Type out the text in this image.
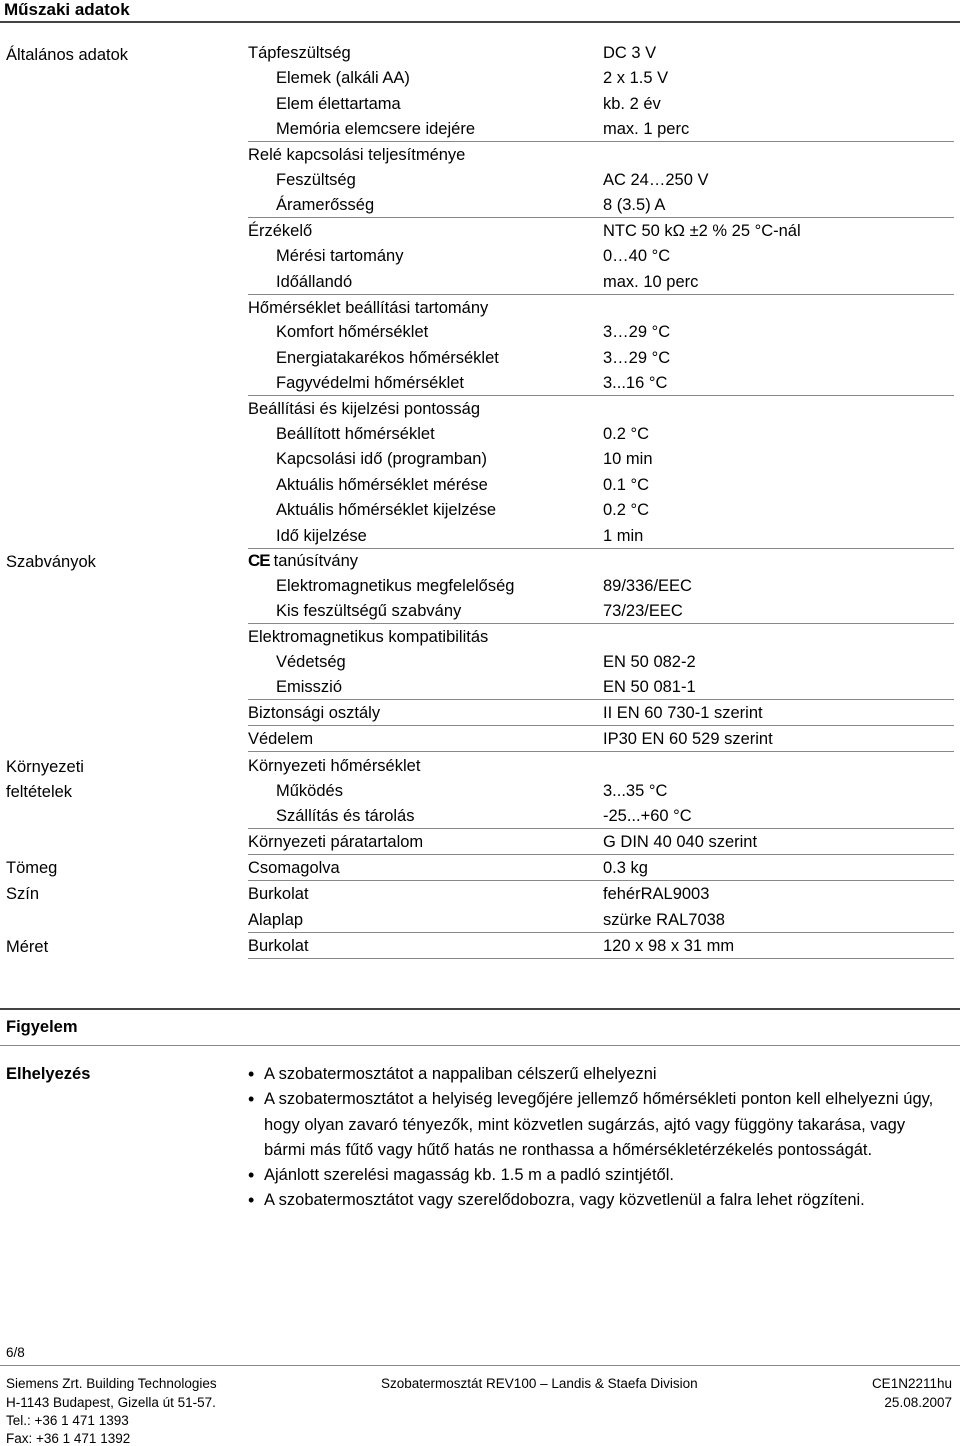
Műszaki adatok
Általános adatok
Szabványok
Környezeti
feltételek
Tömeg
Szín
Méret
Tápfeszültség	DC 3 V
Elemek (alkáli AA)	2 x 1.5 V
Elem élettartama	kb. 2 év
Memória elemcsere idejére	max. 1 perc
Relé kapcsolási teljesítménye
Feszültség	AC 24…250 V
Áramerősség	8 (3.5) A
Érzékelő	NTC 50 kΩ ±2 % 25 °C-nál
Mérési tartomány	0…40 °C
Időállandó	max. 10 perc
Hőmérséklet beállítási tartomány
Komfort hőmérséklet	3…29 °C
Energiatakarékos hőmérséklet	3…29 °C
Fagyvédelmi hőmérséklet	3...16 °C
Beállítási és kijelzési pontosság
Beállított hőmérséklet	0.2 °C
Kapcsolási idő (programban)	10 min
Aktuális hőmérséklet mérése	0.1 °C
Aktuális hőmérséklet kijelzése	0.2 °C
Idő kijelzése	1 min
CE tanúsítvány
Elektromagnetikus megfelelőség	89/336/EEC
Kis feszültségű szabvány	73/23/EEC
Elektromagnetikus kompatibilitás
Védetség	EN 50 082-2
Emisszió	EN 50 081-1
Biztonsági osztály	II EN 60 730-1 szerint
Védelem	IP30 EN 60 529 szerint
Környezeti hőmérséklet
Működés	3...35 °C
Szállítás és tárolás	-25...+60 °C
Környezeti páratartalom	G DIN 40 040 szerint
Csomagolva	0.3 kg
Burkolat	fehérRAL9003
Alaplap	szürke RAL7038
Burkolat	120 x 98 x 31 mm
Figyelem
Elhelyezés
•	A szobatermosztátot a nappaliban célszerű elhelyezni
• A szobatermosztátot a helyiség levegőjére jellemző hőmérsékleti ponton kell elhelyezni úgy, hogy olyan zavaró tényezők, mint közvetlen sugárzás, ajtó vagy függöny takarása, vagy bármi más fűtő vagy hűtő hatás ne ronthassa a hőmérsékletérzékelés pontosságát.
• Ajánlott szerelési magasság kb. 1.5 m a padló szintjétől.
• A szobatermosztátot vagy szerelődobozra, vagy közvetlenül a falra lehet rögzíteni.
6/8
Siemens Zrt. Building Technologies
H-1143 Budapest, Gizella út 51-57.
Tel.: +36 1 471 1393
Fax: +36 1 471 1392
Szobatermosztát REV100 – Landis & Staefa Division	CE1N2211hu
25.08.2007
